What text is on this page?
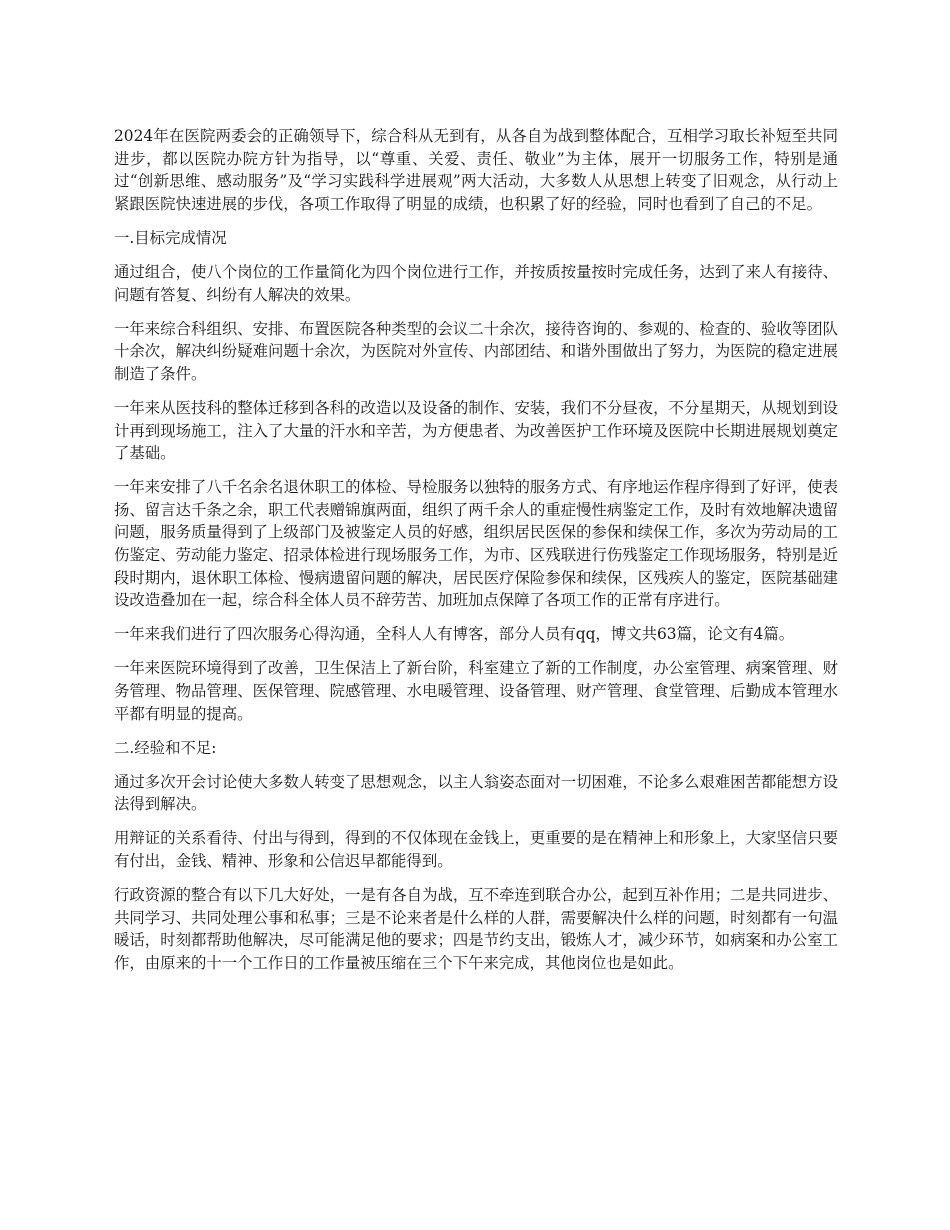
2024年在医院两委会的正确领导下，综合科从无到有，从各自为战到整体配合，互相学习取长补短至共同进步，都以医院办院方针为指导，以“尊重、关爱、责任、敬业”为主体，展开一切服务工作，特别是通过“创新思维、感动服务”及“学习实践科学进展观”两大活动，大多数人从思想上转变了旧观念，从行动上紧跟医院快速进展的步伐，各项工作取得了明显的成绩，也积累了好的经验，同时也看到了自己的不足。

一.目标完成情况

通过组合，使八个岗位的工作量简化为四个岗位进行工作，并按质按量按时完成任务，达到了来人有接待、问题有答复、纠纷有人解决的效果。

一年来综合科组织、安排、布置医院各种类型的会议二十余次，接待咨询的、参观的、检查的、验收等团队十余次，解决纠纷疑难问题十余次，为医院对外宣传、内部团结、和谐外围做出了努力，为医院的稳定进展制造了条件。

一年来从医技科的整体迁移到各科的改造以及设备的制作、安装，我们不分昼夜，不分星期天，从规划到设计再到现场施工，注入了大量的汗水和辛苦，为方便患者、为改善医护工作环境及医院中长期进展规划奠定了基础。

一年来安排了八千名余名退休职工的体检、导检服务以独特的服务方式、有序地运作程序得到了好评，使表扬、留言达千条之余，职工代表赠锦旗两面，组织了两千余人的重症慢性病鉴定工作，及时有效地解决遗留问题，服务质量得到了上级部门及被鉴定人员的好感，组织居民医保的参保和续保工作，多次为劳动局的工伤鉴定、劳动能力鉴定、招录体检进行现场服务工作，为市、区残联进行伤残鉴定工作现场服务，特别是近段时期内，退休职工体检、慢病遗留问题的解决，居民医疗保险参保和续保，区残疾人的鉴定，医院基础建设改造叠加在一起，综合科全体人员不辞劳苦、加班加点保障了各项工作的正常有序进行。

一年来我们进行了四次服务心得沟通，全科人人有博客，部分人员有qq，博文共63篇，论文有4篇。

一年来医院环境得到了改善，卫生保洁上了新台阶，科室建立了新的工作制度，办公室管理、病案管理、财务管理、物品管理、医保管理、院感管理、水电暖管理、设备管理、财产管理、食堂管理、后勤成本管理水平都有明显的提高。

二.经验和不足:

通过多次开会讨论使大多数人转变了思想观念，以主人翁姿态面对一切困难，不论多么艰难困苦都能想方设法得到解决。

用辩证的关系看待、付出与得到，得到的不仅体现在金钱上，更重要的是在精神上和形象上，大家坚信只要有付出，金钱、精神、形象和公信迟早都能得到。

行政资源的整合有以下几大好处，一是有各自为战，互不牵连到联合办公，起到互补作用；二是共同进步、共同学习、共同处理公事和私事；三是不论来者是什么样的人群，需要解决什么样的问题，时刻都有一句温暖话，时刻都帮助他解决，尽可能满足他的要求；四是节约支出，锻炼人才，减少环节，如病案和办公室工作，由原来的十一个工作日的工作量被压缩在三个下午来完成，其他岗位也是如此。
